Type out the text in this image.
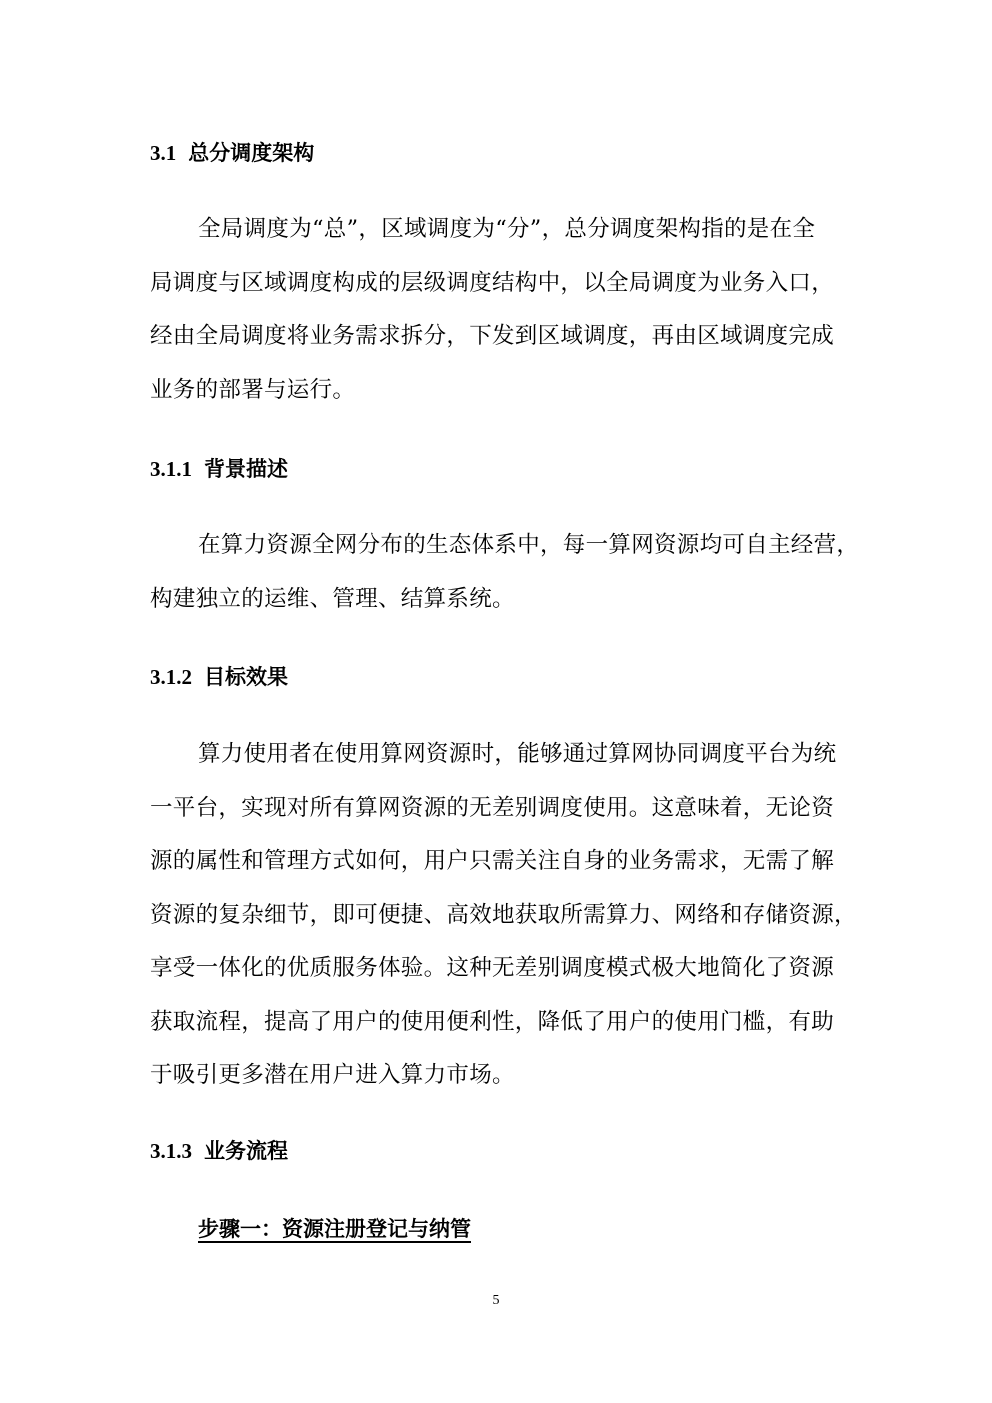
3.1 总分调度架构
全局调度为“总”，区域调度为“分”，总分调度架构指的是在全
局调度与区域调度构成的层级调度结构中，以全局调度为业务入口，
经由全局调度将业务需求拆分，下发到区域调度，再由区域调度完成
业务的部署与运行。
3.1.1 背景描述
在算力资源全网分布的生态体系中，每一算网资源均可自主经营，
构建独立的运维、管理、结算系统。
3.1.2 目标效果
算力使用者在使用算网资源时，能够通过算网协同调度平台为统
一平台，实现对所有算网资源的无差别调度使用。这意味着，无论资
源的属性和管理方式如何，用户只需关注自身的业务需求，无需了解
资源的复杂细节，即可便捷、高效地获取所需算力、网络和存储资源，
享受一体化的优质服务体验。这种无差别调度模式极大地简化了资源
获取流程，提高了用户的使用便利性，降低了用户的使用门槛，有助
于吸引更多潜在用户进入算力市场。
3.1.3 业务流程
步骤一：资源注册登记与纳管
5
